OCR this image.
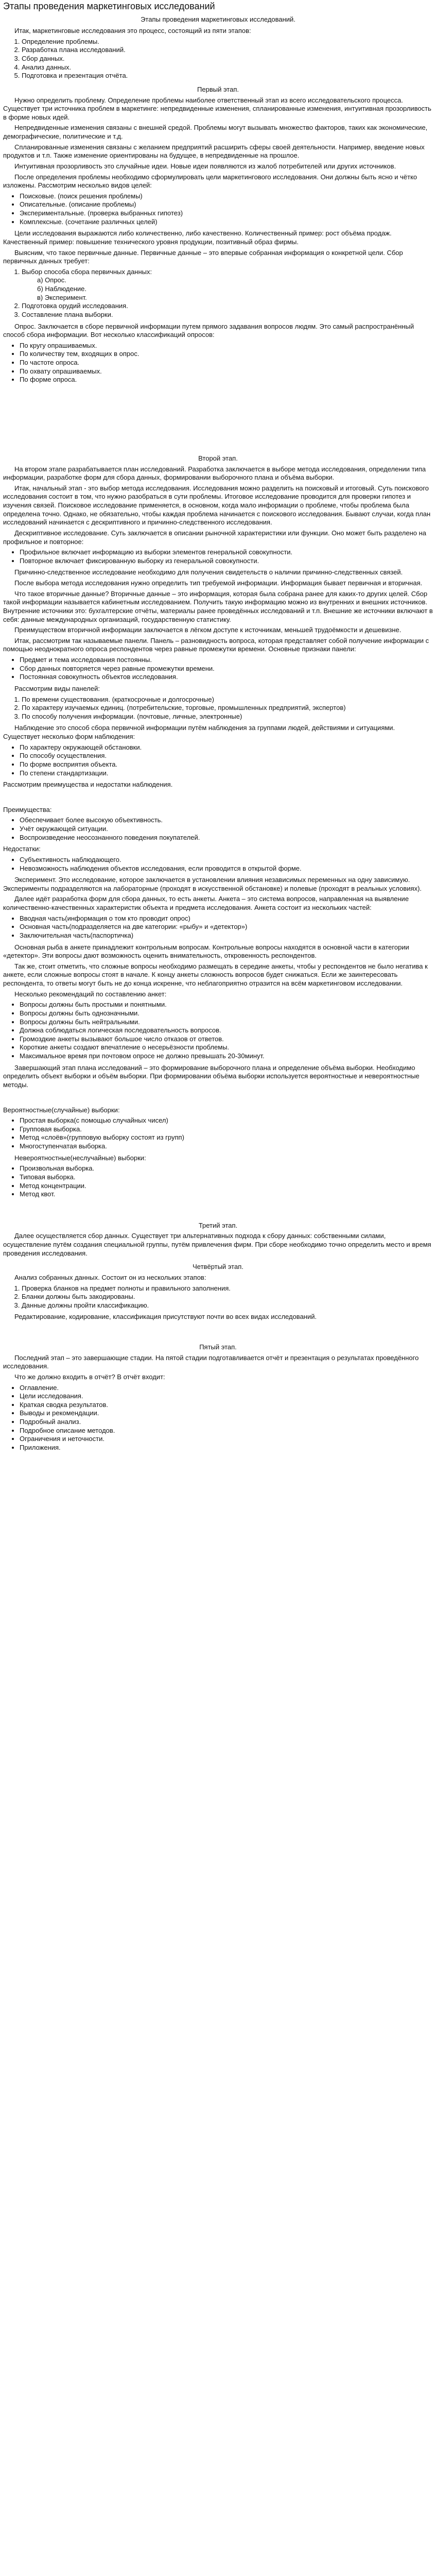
Этапы проведения маркетинговых исследований

Этапы проведения маркетинговых исследований.

Итак, маркетинговые исследования это процесс, состоящий из пяти этапов:

1. Определение проблемы.
2. Разработка плана исследований.
3. Сбор данных.
4. Анализ данных.
5. Подготовка и презентация отчёта.

Первый этап.

Нужно определить проблему. Определение проблемы наиболее ответственный этап из всего исследовательского процесса. Существует три источника проблем в маркетинге: непредвиденные изменения, спланированные изменения, интуитивная прозорливость в форме новых идей.

Непредвиденные изменения связаны с внешней средой. Проблемы могут вызывать множество факторов, таких как экономические, демографические, политические и т.д.

Спланированные изменения связаны с желанием предприятий расширить сферы своей деятельности. Например, введение новых продуктов и т.п. Также изменение ориентированы на будущее, в непредвиденные на прошлое.

Интуитивная прозорливость это случайные идеи. Новые идеи появляются из жалоб потребителей или других источников.

После определения проблемы необходимо сформулировать цели маркетингового исследования. Они должны быть ясно и чётко изложены. Рассмотрим несколько видов целей:

• Поисковые. (поиск решения проблемы)
• Описательные. (описание проблемы)
• Экспериментальные. (проверка выбранных гипотез)
• Комплексные. (сочетание различных целей)

Цели исследования выражаются либо количественно, либо качественно. Количественный пример: рост объёма продаж. Качественный пример: повышение технического уровня продукции, позитивный образ фирмы.

Выясним, что такое первичные данные. Первичные данные – это впервые собранная информация о конкретной цели. Сбор первичных данных требует:

1. Выбор способа сбора первичных данных:
а) Опрос.
б) Наблюдение.
в) Эксперимент.
2. Подготовка орудий исследования.
3. Составление плана выборки.

Опрос. Заключается в сборе первичной информации путем прямого задавания вопросов людям. Это самый распространённый способ сбора информации. Вот несколько классификаций опросов:

• По кругу опрашиваемых.
• По количеству тем, входящих в опрос.
• По частоте опроса.
• По охвату опрашиваемых.
• По форме опроса.

Второй этап.

На втором этапе разрабатывается план исследований. Разработка заключается в выборе метода исследования, определении типа информации, разработке форм для сбора данных, формировании выборочного плана и объёма выборки.

Итак, начальный этап - это выбор метода исследования. Исследования можно разделить на поисковый и итоговый. Суть поискового исследования состоит в том, что нужно разобраться в сути проблемы. Итоговое исследование проводится для проверки гипотез и изучения связей. Поисковое исследование применяется, в основном, когда мало информации о проблеме, чтобы проблема была определена точно. Однако, не обязательно, чтобы каждая проблема начинается с поискового исследования. Бывают случаи, когда план исследований начинается с дескриптивного и причинно-следственного исследования.

Дескриптивное исследование. Суть заключается в описании рыночной характеристики или функции. Оно может быть разделено на профильное и повторное:

• Профильное включает информацию из выборки элементов генеральной совокупности.
• Повторное включает фиксированную выборку из генеральной совокупности.

Причинно-следственное исследование необходимо для получения свидетельств о наличии причинно-следственных связей.

После выбора метода исследования нужно определить тип требуемой информации. Информация бывает первичная и вторичная.

Что такое вторичные данные? Вторичные данные – это информация, которая была собрана ранее для каких-то других целей. Сбор такой информации называется кабинетным исследованием. Получить такую информацию можно из внутренних и внешних источников. Внутренние источники это: бухгалтерские отчёты, материалы ранее проведённых исследований и т.п. Внешние же источники включают в себя: данные международных организаций, государственную статистику.

Преимуществом вторичной информации заключается в лёгком доступе к источникам, меньшей трудоёмкости и дешевизне.

Итак, рассмотрим так называемые панели. Панель – разновидность вопроса, которая представляет собой получение информации с помощью неоднократного опроса респондентов через равные промежутки времени. Основные признаки панели:

• Предмет и тема исследования постоянны.
• Сбор данных повторяется через равные промежутки времени.
• Постоянная совокупность объектов исследования.

Рассмотрим виды панелей:

1. По времени существования. (краткосрочные и долгосрочные)
2. По характеру изучаемых единиц. (потребительские, торговые, промышленных предприятий, экспертов)
3. По способу получения информации. (почтовые, личные, электронные)

Наблюдение это способ сбора первичной информации путём наблюдения за группами людей, действиями и ситуациями. Существует несколько форм наблюдения:

• По характеру окружающей обстановки.
• По способу осуществления.
• По форме восприятия объекта.
• По степени стандартизации.

Рассмотрим преимущества и недостатки наблюдения.

Преимущества:

• Обеспечивает более высокую объективность.
• Учёт окружающей ситуации.
• Воспроизведение неосознанного поведения покупателей.

Недостатки:

• Субъективность наблюдающего.
• Невозможность наблюдения объектов исследования, если проводится в открытой форме.

Эксперимент. Это исследование, которое заключается в установлении влияния независимых переменных на одну зависимую. Эксперименты подразделяются на лабораторные (проходят в искусственной обстановке) и полевые (проходят в реальных условиях).

Далее идёт разработка форм для сбора данных, то есть анкеты. Анкета – это система вопросов, направленная на выявление количественно-качественных характеристик объекта и предмета исследования. Анкета состоит из нескольких частей:

• Вводная часть(информация о том кто проводит опрос)
• Основная часть(подразделяется на две категории: «рыбу» и «детектор»)
• Заключительная часть(паспортичка)

Основная рыба в анкете принадлежит контрольным вопросам. Контрольные вопросы находятся в основной части в категории «детектор». Эти вопросы дают возможность оценить внимательность, откровенность респондентов.

Так же, стоит отметить, что сложные вопросы необходимо размещать в середине анкеты, чтобы у респондентов не было негатива к анкете, если сложные вопросы стоят в начале. К концу анкеты сложность вопросов будет снижаться. Если же заинтересовать респондента, то ответы могут быть не до конца искренне, что неблагоприятно отразится на всём маркетинговом исследовании.

Несколько рекомендаций по составлению анкет:

• Вопросы должны быть простыми и понятными.
• Вопросы должны быть однозначными.
• Вопросы должны быть нейтральными.
• Должна соблюдаться логическая последовательность вопросов.
• Громоздкие анкеты вызывают большое число отказов от ответов.
• Короткие анкеты создают впечатление о несерьёзности проблемы.
• Максимальное время при почтовом опросе не должно превышать 20-30минут.

Завершающий этап плана исследований – это формирование выборочного плана и определение объёма выборки. Необходимо определить объект выборки и объём выборки. При формировании объёма выборки используется вероятностные и невероятностные методы.

Вероятностные(случайные) выборки:

• Простая выборка(с помощью случайных чисел)
• Групповая выборка.
• Метод «слоёв»(групповую выборку состоят из групп)
• Многоступенчатая выборка.

Невероятностные(неслучайные) выборки:

• Произвольная выборка.
• Типовая выборка.
• Метод концентрации.
• Метод квот.

Третий этап.

Далее осуществляется сбор данных. Существует три альтернативных подхода к сбору данных: собственными силами, осуществление путём создания специальной группы, путём привлечения фирм. При сборе необходимо точно определить место и время проведения исследования.

Четвёртый этап.

Анализ собранных данных. Состоит он из нескольких этапов:

1. Проверка бланков на предмет полноты и правильного заполнения.
2. Бланки должны быть закодированы.
3. Данные должны пройти классификацию.

Редактирование, кодирование, классификация присутствуют почти во всех видах исследований.

Пятый этап.

Последний этап – это завершающие стадии. На пятой стадии подготавливается отчёт и презентация о результатах проведённого исследования.

Что же должно входить в отчёт? В отчёт входит:

• Оглавление.
• Цели исследования.
• Краткая сводка результатов.
• Выводы и рекомендации.
• Подробный анализ.
• Подробное описание методов.
• Ограничения и неточности.
• Приложения.
